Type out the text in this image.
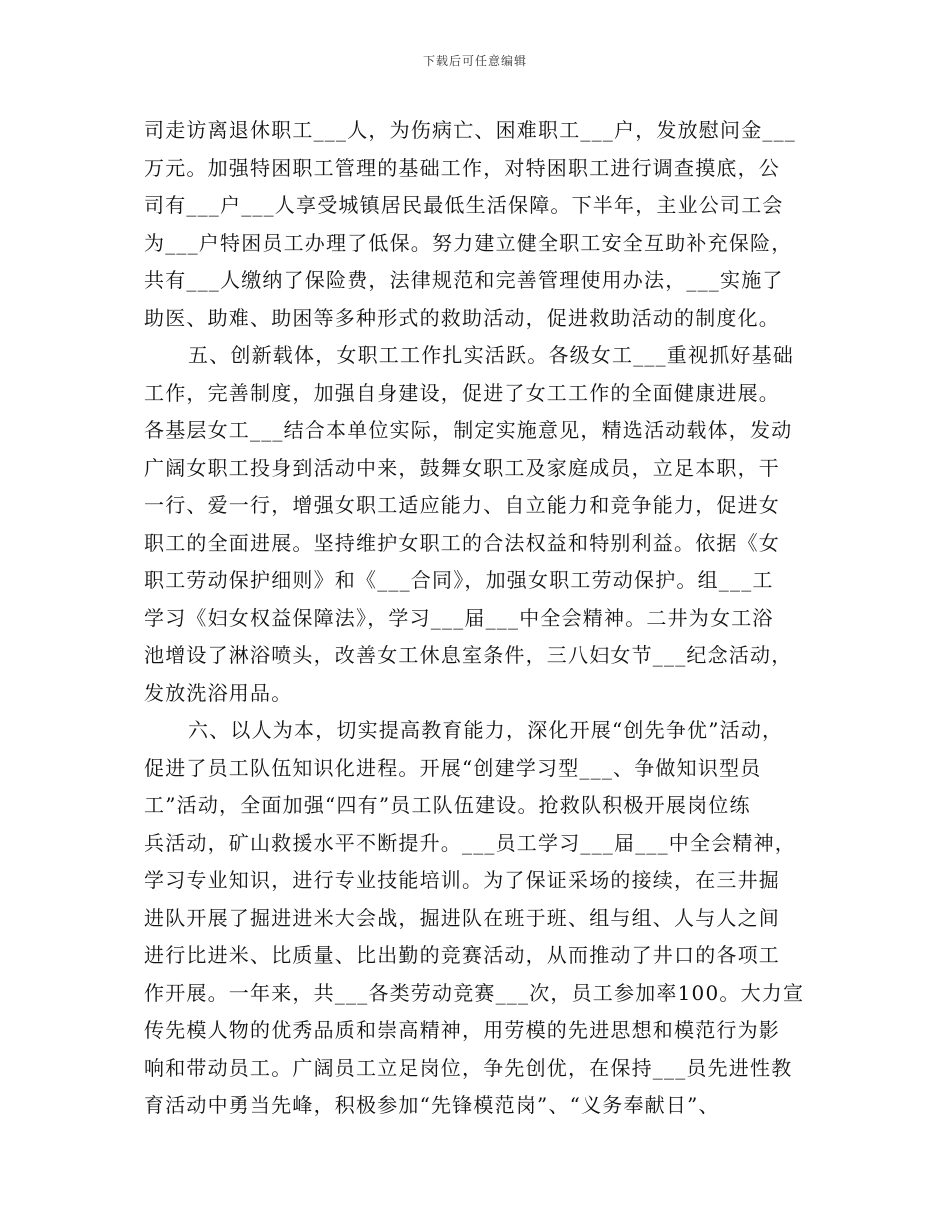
下载后可任意编辑
司走访离退休职工___人，为伤病亡、困难职工___户，发放慰问金___
万元。加强特困职工管理的基础工作，对特困职工进行调查摸底，公
司有___户___人享受城镇居民最低生活保障。下半年，主业公司工会
为___户特困员工办理了低保。努力建立健全职工安全互助补充保险，
共有___人缴纳了保险费，法律规范和完善管理使用办法，___实施了
助医、助难、助困等多种形式的救助活动，促进救助活动的制度化。
五、创新载体，女职工工作扎实活跃。各级女工___重视抓好基础
工作，完善制度，加强自身建设，促进了女工工作的全面健康进展。
各基层女工___结合本单位实际，制定实施意见，精选活动载体，发动
广阔女职工投身到活动中来，鼓舞女职工及家庭成员，立足本职，干
一行、爱一行，增强女职工适应能力、自立能力和竞争能力，促进女
职工的全面进展。坚持维护女职工的合法权益和特别利益。依据《女
职工劳动保护细则》和《___合同》，加强女职工劳动保护。组___工
学习《妇女权益保障法》，学习___届___中全会精神。二井为女工浴
池增设了淋浴喷头，改善女工休息室条件，三八妇女节___纪念活动，
发放洗浴用品。
六、以人为本，切实提高教育能力，深化开展“创先争优”活动，
促进了员工队伍知识化进程。开展“创建学习型___、争做知识型员
工”活动，全面加强“四有”员工队伍建设。抢救队积极开展岗位练
兵活动，矿山救援水平不断提升。___员工学习___届___中全会精神，
学习专业知识，进行专业技能培训。为了保证采场的接续，在三井掘
进队开展了掘进进米大会战，掘进队在班于班、组与组、人与人之间
进行比进米、比质量、比出勤的竞赛活动，从而推动了井口的各项工
作开展。一年来，共___各类劳动竞赛___次，员工参加率100。大力宣
传先模人物的优秀品质和崇高精神，用劳模的先进思想和模范行为影
响和带动员工。广阔员工立足岗位，争先创优，在保持___员先进性教
育活动中勇当先峰，积极参加“先锋模范岗”、“义务奉献日”、
